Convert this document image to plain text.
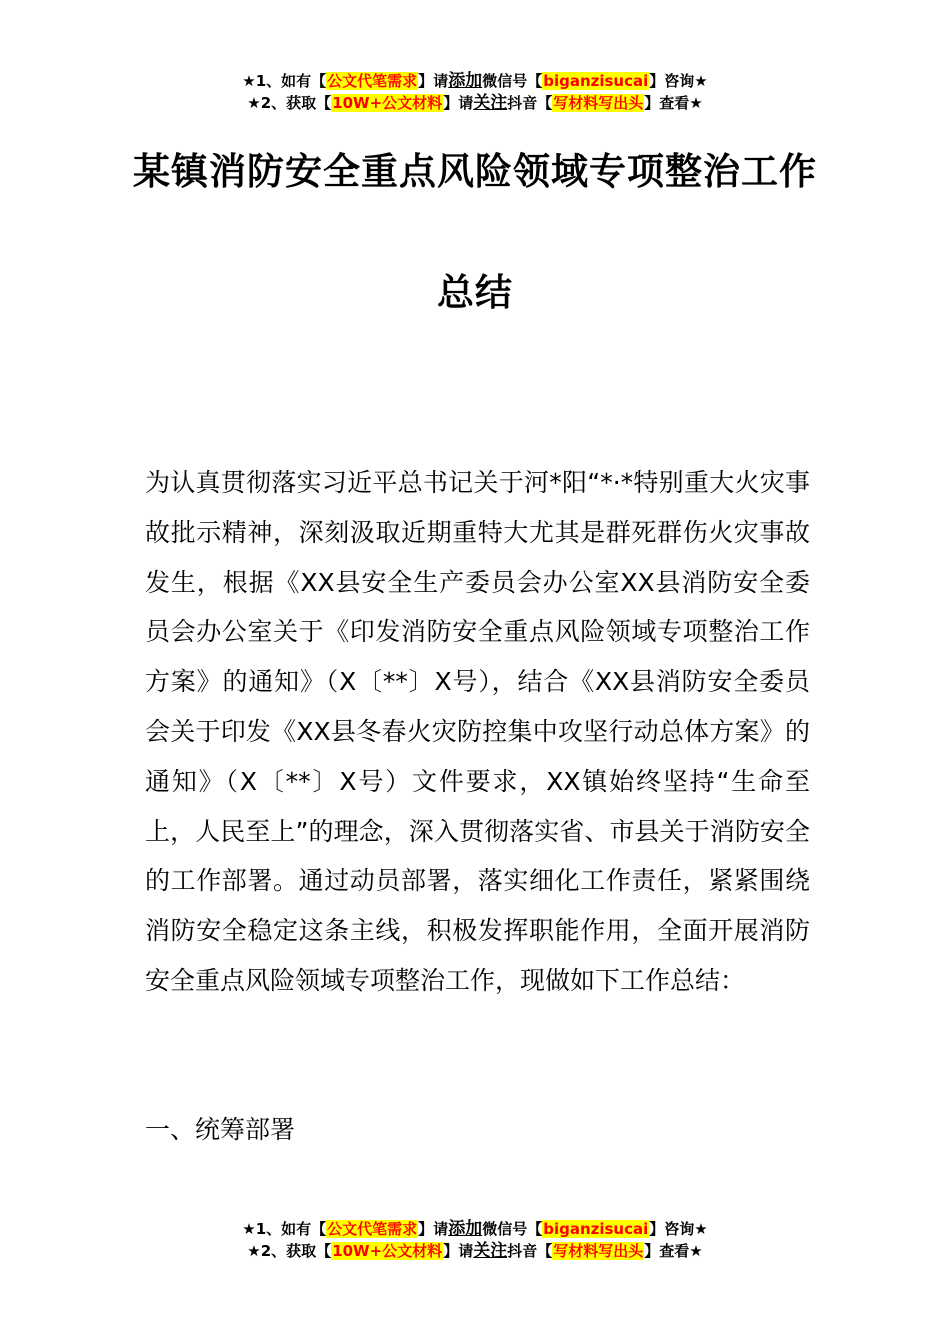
★1、如有【公文代笔需求】请添加微信号【biganzisucai】咨询★
★2、获取【10W+公文材料】请关注抖音【写材料写出头】查看★
某镇消防安全重点风险领域专项整治工作
总结

为认真贯彻落实习近平总书记关于河*阳“*·*特别重大火灾事故批示精神，深刻汲取近期重特大尤其是群死群伤火灾事故发生，根据《XX县安全生产委员会办公室XX县消防安全委员会办公室关于《印发消防安全重点风险领域专项整治工作方案》的通知》（X〔**〕X号），结合《XX县消防安全委员会关于印发《XX县冬春火灾防控集中攻坚行动总体方案》的通知》（X〔**〕X号）文件要求，XX镇始终坚持“生命至上，人民至上”的理念，深入贯彻落实省、市县关于消防安全的工作部署。通过动员部署，落实细化工作责任，紧紧围绕消防安全稳定这条主线，积极发挥职能作用，全面开展消防安全重点风险领域专项整治工作，现做如下工作总结：

一、统筹部署

★1、如有【公文代笔需求】请添加微信号【biganzisucai】咨询★
★2、获取【10W+公文材料】请关注抖音【写材料写出头】查看★
